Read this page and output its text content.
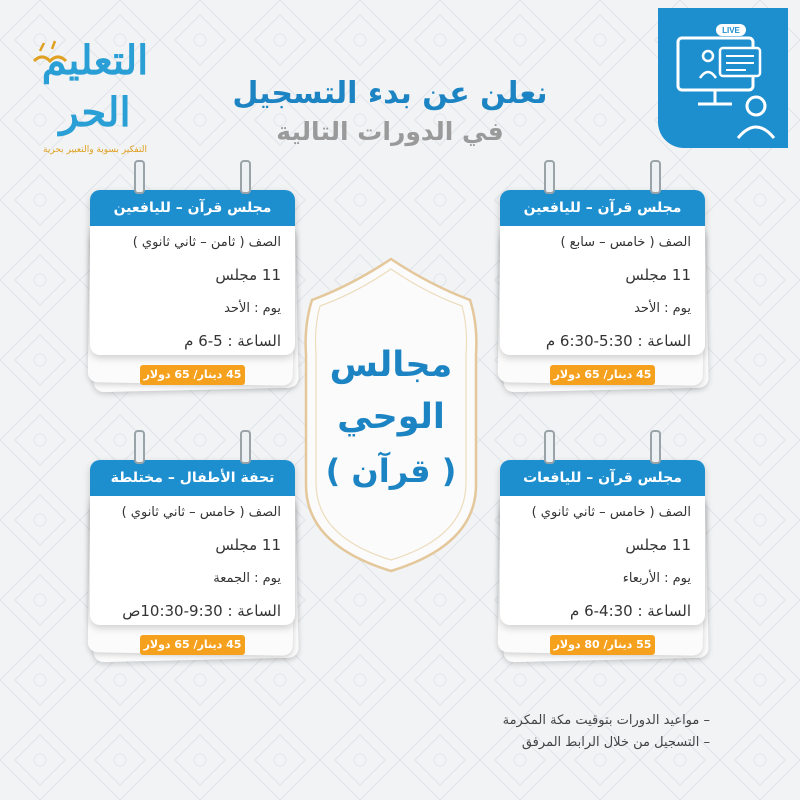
التعليم الحر
التفكير بسوية والتعبير بحرية
نعلن عن بدء التسجيل
في الدورات التالية
LIVE
مجالس
الوحي
( قرآن )
مجلس قرآن – لليافعين
الصف ( خامس – سابع )
11 مجلس
يوم : الأحد
الساعة : 5:30-6:30 م
45 دينار/ 65 دولار
مجلس قرآن – لليافعين
الصف ( ثامن – ثاني ثانوي )
11 مجلس
يوم : الأحد
الساعة : 5-6 م
45 دينار/ 65 دولار
مجلس قرآن – لليافعات
الصف ( خامس – ثاني ثانوي )
11 مجلس
يوم : الأربعاء
الساعة : 4:30-6 م
55 دينار/ 80 دولار
تحفة الأطفال – مختلطة
الصف ( خامس – ثاني ثانوي )
11 مجلس
يوم : الجمعة
الساعة : 9:30-10:30ص
45 دينار/ 65 دولار
– مواعيد الدورات بتوقيت مكة المكرمة
– التسجيل من خلال الرابط المرفق
